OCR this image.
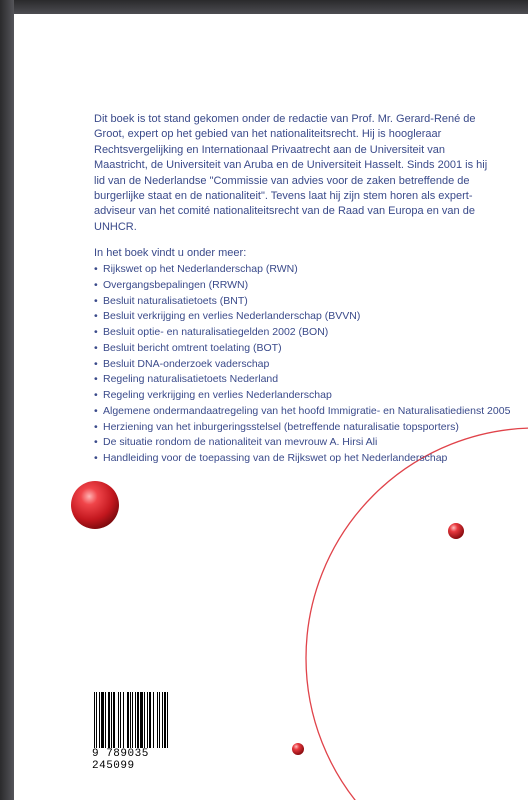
Dit boek is tot stand gekomen onder de redactie van Prof. Mr. Gerard-René de Groot, expert op het gebied van het nationaliteitsrecht. Hij is hoogleraar Rechtsvergelijking en Internationaal Privaatrecht aan de Universiteit van Maastricht, de Universiteit van Aruba en de Universiteit Hasselt. Sinds 2001 is hij lid van de Nederlandse "Commissie van advies voor de zaken betreffende de burgerlijke staat en de nationaliteit". Tevens laat hij zijn stem horen als expert-adviseur van het comité nationaliteitsrecht van de Raad van Europa en van de UNHCR.
In het boek vindt u onder meer:
• Rijkswet op het Nederlanderschap (RWN)
• Overgangsbepalingen (RRWN)
• Besluit naturalisatietoets (BNT)
• Besluit verkrijging en verlies Nederlanderschap (BVVN)
• Besluit optie- en naturalisatiegelden 2002 (BON)
• Besluit bericht omtrent toelating (BOT)
• Besluit DNA-onderzoek vaderschap
• Regeling naturalisatietoets Nederland
• Regeling verkrijging en verlies Nederlanderschap
• Algemene ondermandaatregeling van het hoofd Immigratie- en Naturalisatiedienst 2005
• Herziening van het inburgeringsstelsel (betreffende naturalisatie topsporters)
• De situatie rondom de nationaliteit van mevrouw A. Hirsi Ali
• Handleiding voor de toepassing van de Rijkswet op het Nederlanderschap
9 789035 245099
